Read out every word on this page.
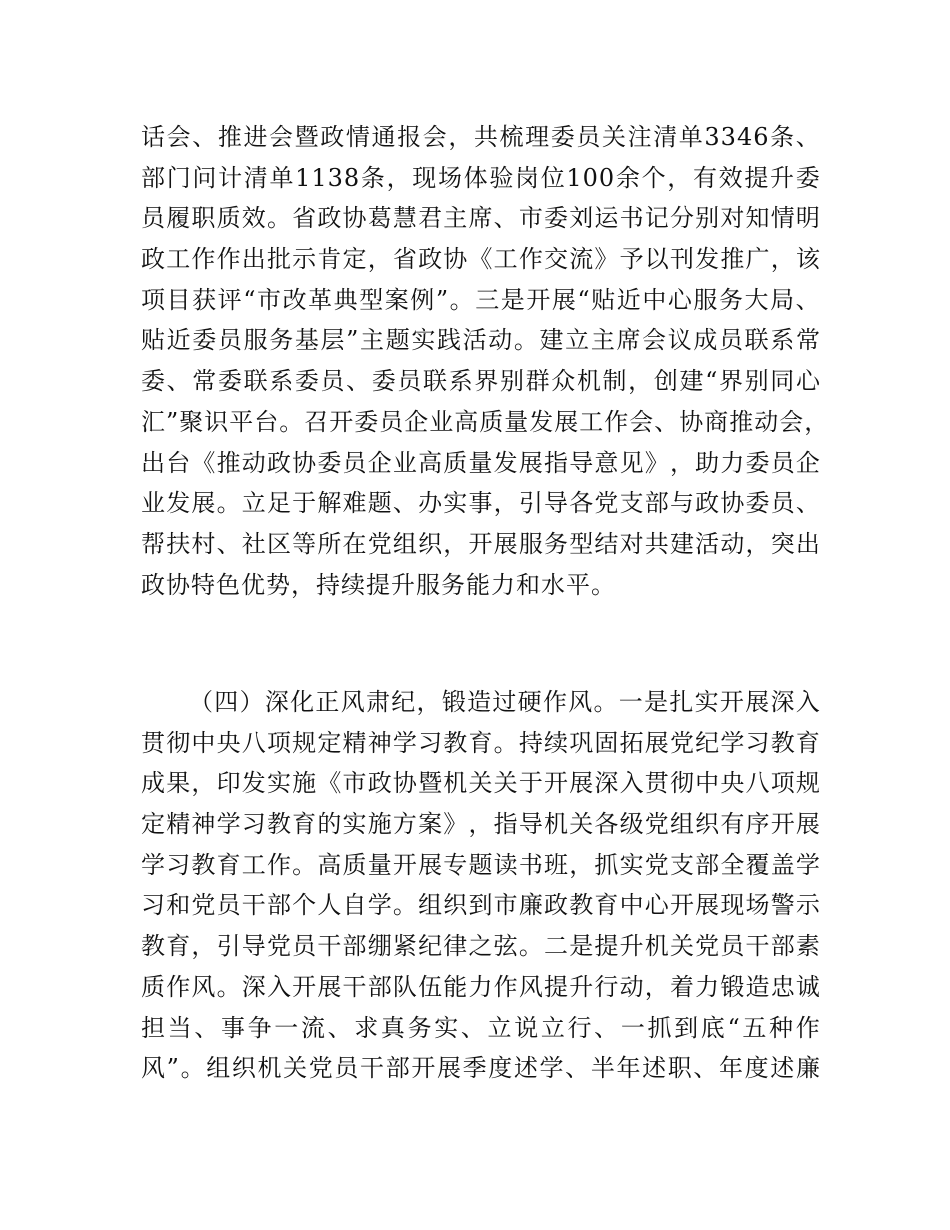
话 会 、 推 进 会 暨 政 情 通 报 会 ， 共 梳 理 委 员 关 注 清 单 3346 条 、
部 门 问 计 清 单 1138 条 ， 现 场 体 验 岗 位 100 余 个 ， 有 效 提 升 委
员 履 职 质 效 。 省 政 协 葛 慧 君 主 席 、 市 委 刘 运 书 记 分 别 对 知 情 明
政 工 作 作 出 批 示 肯 定 ， 省 政 协 《 工 作 交 流 》 予 以 刊 发 推 广 ， 该
项 目 获 评 “ 市 改 革 典 型 案 例 ” 。 三 是 开 展 “ 贴 近 中 心 服 务 大 局 、
贴 近 委 员 服 务 基 层 ” 主 题 实 践 活 动 。 建 立 主 席 会 议 成 员 联 系 常
委 、 常 委 联 系 委 员 、 委 员 联 系 界 别 群 众 机 制 ， 创 建 “ 界 别 同 心
汇 ” 聚 识 平 台 。 召 开 委 员 企 业 高 质 量 发 展 工 作 会 、 协 商 推 动 会 ，
出 台 《 推 动 政 协 委 员 企 业 高 质 量 发 展 指 导 意 见 》 ， 助 力 委 员 企
业 发 展 。 立 足 于 解 难 题 、 办 实 事 ， 引 导 各 党 支 部 与 政 协 委 员 、
帮 扶 村 、 社 区 等 所 在 党 组 织 ， 开 展 服 务 型 结 对 共 建 活 动 ， 突 出
政协特色优势，持续提升服务能力和水平。
（ 四 ） 深 化 正 风 肃 纪 ， 锻 造 过 硬 作 风 。 一 是 扎 实 开 展 深 入
贯 彻 中 央 八 项 规 定 精 神 学 习 教 育 。 持 续 巩 固 拓 展 党 纪 学 习 教 育
成 果 ， 印 发 实 施 《 市 政 协 暨 机 关 关 于 开 展 深 入 贯 彻 中 央 八 项 规
定 精 神 学 习 教 育 的 实 施 方 案 》 ， 指 导 机 关 各 级 党 组 织 有 序 开 展
学 习 教 育 工 作 。 高 质 量 开 展 专 题 读 书 班 ， 抓 实 党 支 部 全 覆 盖 学
习 和 党 员 干 部 个 人 自 学 。 组 织 到 市 廉 政 教 育 中 心 开 展 现 场 警 示
教 育 ， 引 导 党 员 干 部 绷 紧 纪 律 之 弦 。 二 是 提 升 机 关 党 员 干 部 素
质 作 风 。 深 入 开 展 干 部 队 伍 能 力 作 风 提 升 行 动 ， 着 力 锻 造 忠 诚
担 当 、 事 争 一 流 、 求 真 务 实 、 立 说 立 行 、 一 抓 到 底 “ 五 种 作
风 ” 。 组 织 机 关 党 员 干 部 开 展 季 度 述 学 、 半 年 述 职 、 年 度 述 廉
